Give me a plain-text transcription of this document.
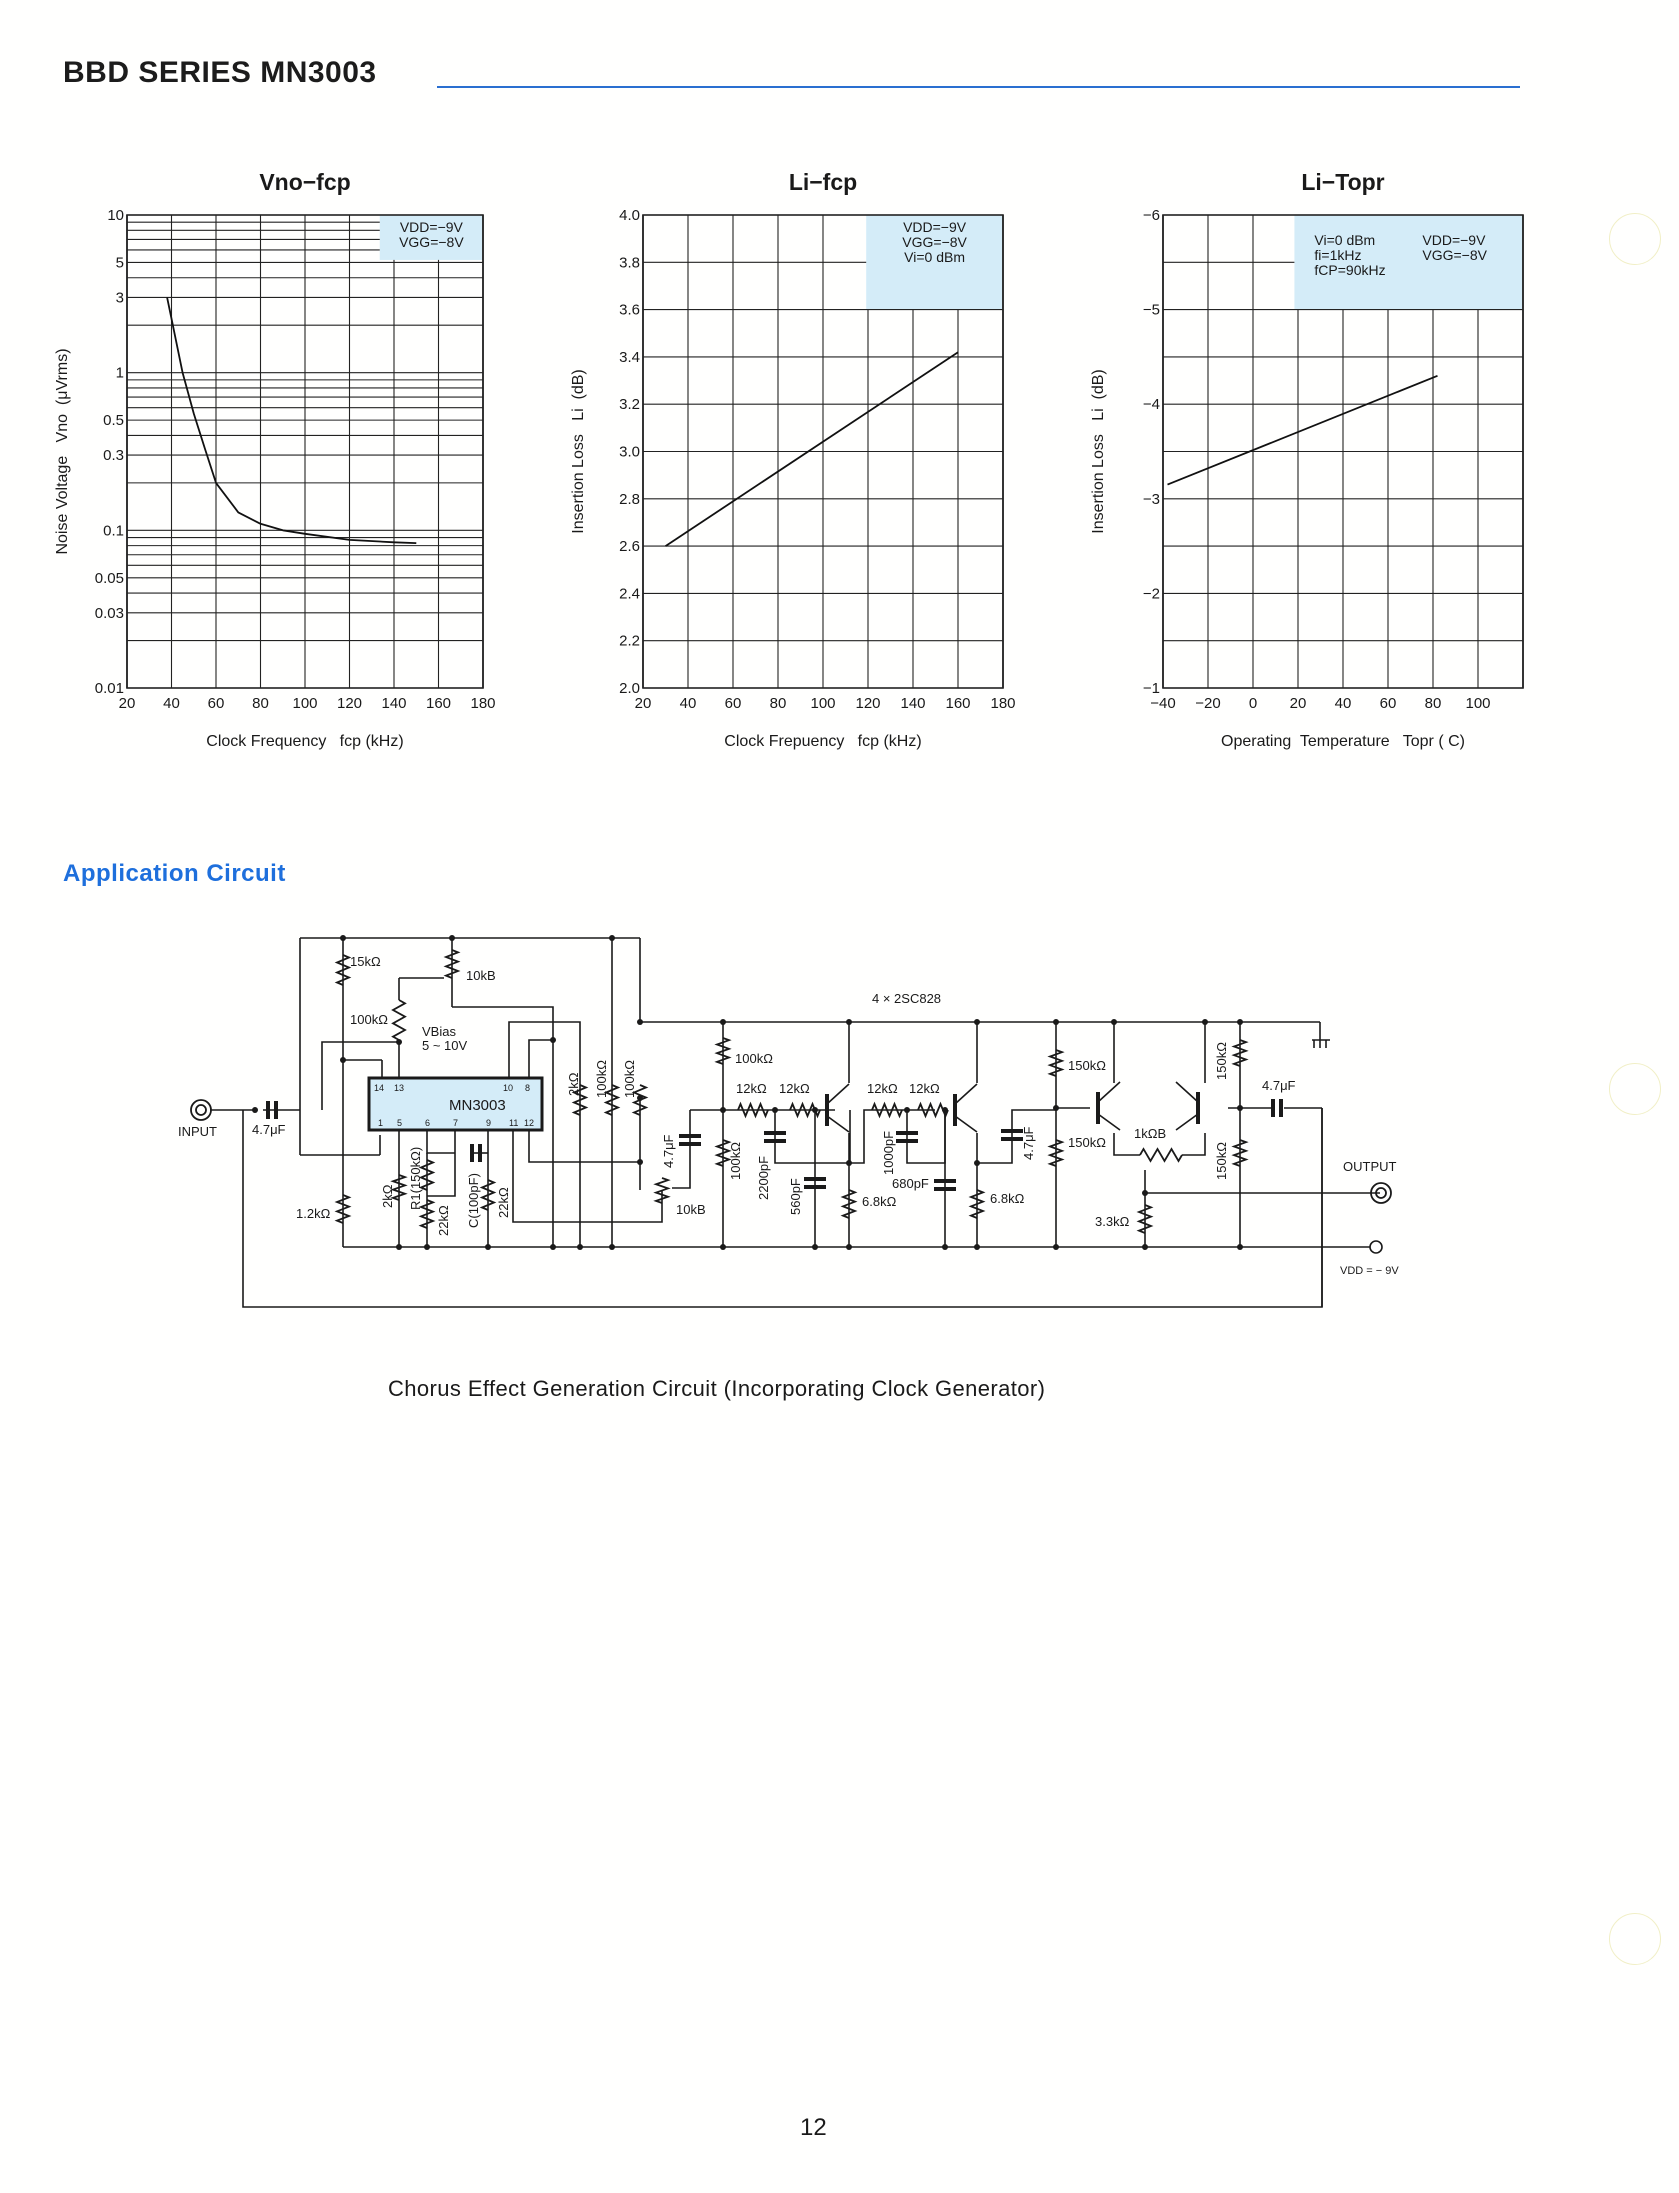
BBD SERIES MN3003
Vno−fcp
20 40 60 80 100 120 140 160 180
10
5
3
1
0.5
0.3
0.1
0.05
0.03
0.01
Clock Frequency   fcp (kHz)
Noise Voltage   Vno  (μVrms)
VDD=−9V
VGG=−8V
Li−fcp
20 40 60 80 100 120 140 160 180
4.0
3.8
3.6
3.4
3.2
3.0
2.8
2.6
2.4
2.2
2.0
Clock Frepuency   fcp (kHz)
Insertion Loss   Li  (dB)
VDD=−9V
VGG=−8V
Vi=0 dBm
Li−Topr
−40 −20 0 20 40 60 80 100
−6
−5
−4
−3
−2
−1
Operating  Temperature   Topr ( C)
Insertion Loss   Li  (dB)
Vi=0 dBm
fi=1kHz
fCP=90kHz
VDD=−9V
VGG=−8V
Application Circuit
INPUT	4.7μF
15kΩ
10kB
100kΩ
VBias
5 ~ 10V
MN3003
14 13	10 8
1 5	6	7	9 11 12
2kΩ 100kΩ 100kΩ
R1(150kΩ)
2kΩ
22kΩ C(100pF) 22kΩ
1.2kΩ
4.7μF
10kB
4 × 2SC828
100kΩ
100kΩ
12kΩ 12kΩ	12kΩ 12kΩ
2200pF 560pF	6.8kΩ
1000pF
680pF
6.8kΩ
4.7μF
150kΩ
150kΩ
1kΩB
3.3kΩ
150kΩ
150kΩ
4.7μF
OUTPUT
VDD = − 9V
Chorus Effect Generation Circuit (Incorporating Clock Generator)
12
